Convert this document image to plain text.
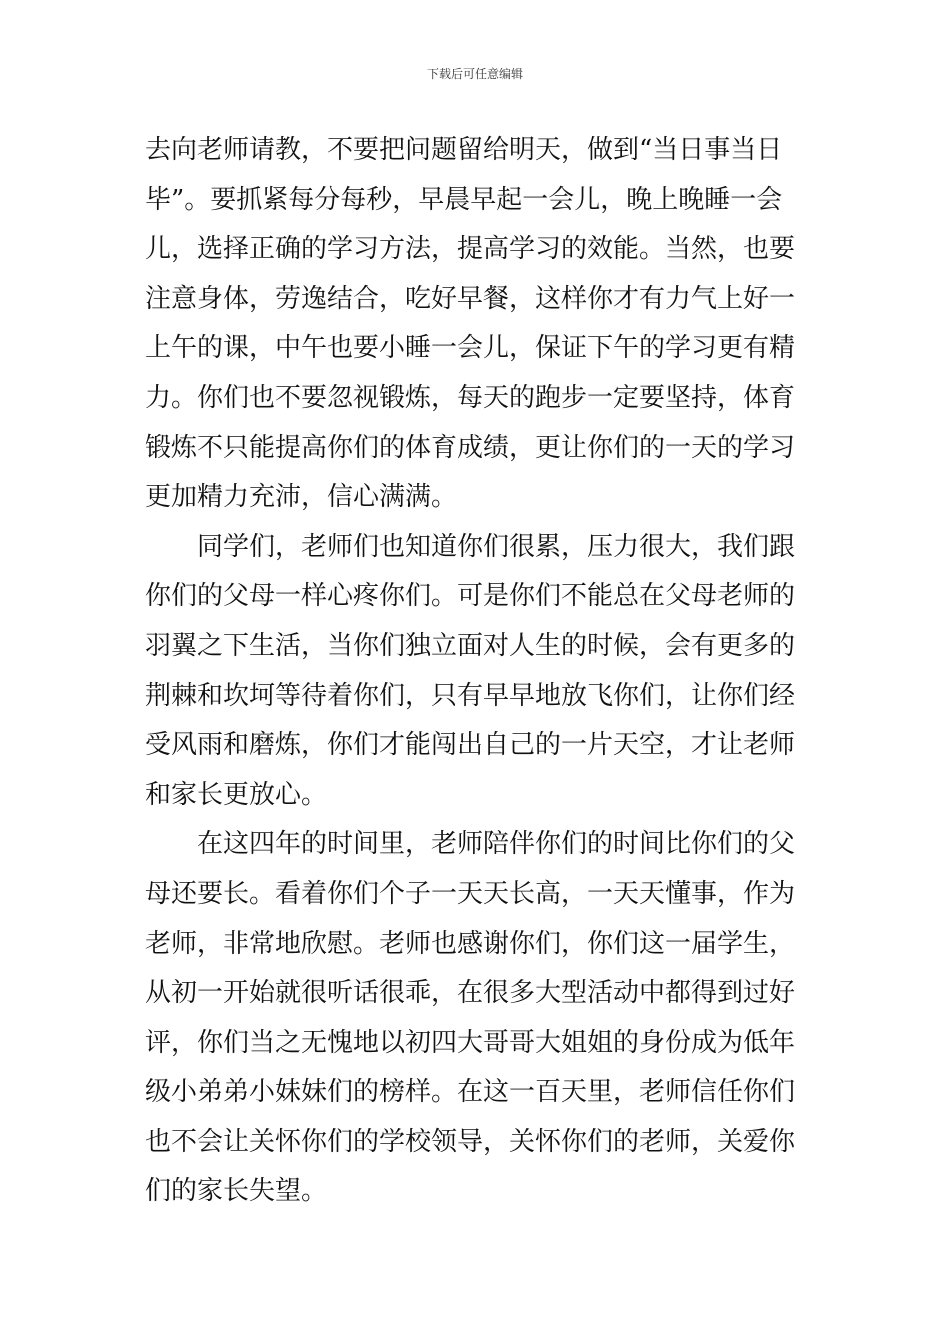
下载后可任意编辑
去向老师请教，不要把问题留给明天，做到“当日事当日
毕”。要抓紧每分每秒，早晨早起一会儿，晚上晚睡一会
儿，选择正确的学习方法，提高学习的效能。当然，也要
注意身体，劳逸结合，吃好早餐，这样你才有力气上好一
上午的课，中午也要小睡一会儿，保证下午的学习更有精
力。你们也不要忽视锻炼，每天的跑步一定要坚持，体育
锻炼不只能提高你们的体育成绩，更让你们的一天的学习
更加精力充沛，信心满满。
　　同学们，老师们也知道你们很累，压力很大，我们跟
你们的父母一样心疼你们。可是你们不能总在父母老师的
羽翼之下生活，当你们独立面对人生的时候，会有更多的
荆棘和坎坷等待着你们，只有早早地放飞你们，让你们经
受风雨和磨炼，你们才能闯出自己的一片天空，才让老师
和家长更放心。
　　在这四年的时间里，老师陪伴你们的时间比你们的父
母还要长。看着你们个子一天天长高，一天天懂事，作为
老师，非常地欣慰。老师也感谢你们，你们这一届学生，
从初一开始就很听话很乖，在很多大型活动中都得到过好
评，你们当之无愧地以初四大哥哥大姐姐的身份成为低年
级小弟弟小妹妹们的榜样。在这一百天里，老师信任你们
也不会让关怀你们的学校领导，关怀你们的老师，关爱你
们的家长失望。
